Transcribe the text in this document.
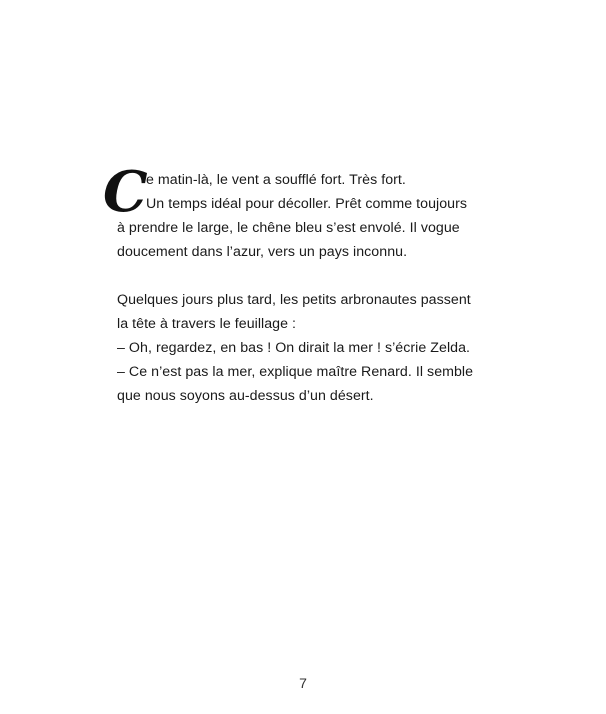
C

e matin-là, le vent a soufflé fort. Très fort.
Un temps idéal pour décoller. Prêt comme toujours
à prendre le large, le chêne bleu s’est envolé. Il vogue
doucement dans l’azur, vers un pays inconnu.

Quelques jours plus tard, les petits arbronautes passent
la tête à travers le feuillage :
– Oh, regardez, en bas ! On dirait la mer ! s’écrie Zelda.
– Ce n’est pas la mer, explique maître Renard. Il semble
que nous soyons au-dessus d’un désert.

7
